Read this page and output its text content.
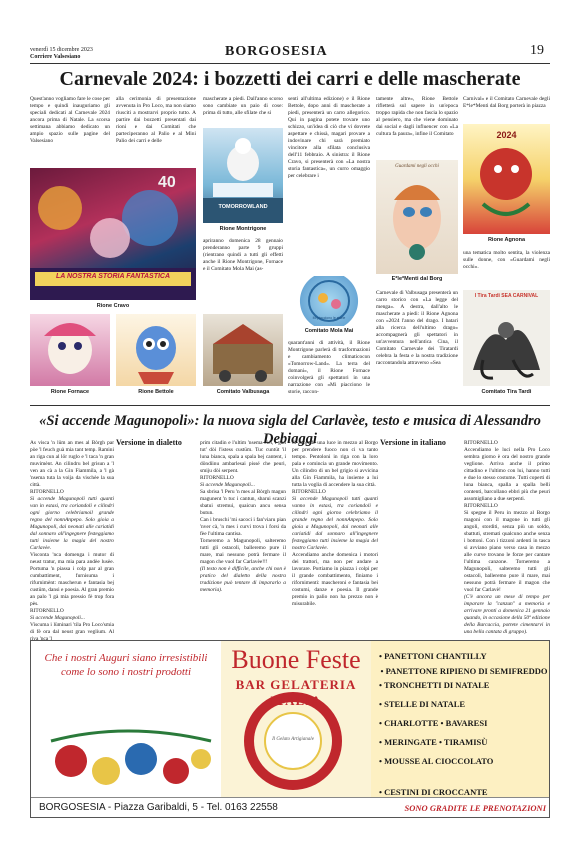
venerdì 15 dicembre 2023
Corriere Valsesiano	BORGOSESIA	19
Carnevale 2024: i bozzetti dei carri e delle mascherate
Quest'anno vogliamo fare le cose per tempo e quindi inauguriamo gli speciali dedicati al Carnevale 2024 ancora prima di Natale. La scorsa settimana abbiamo dedicato un ampio spazio sulle pagine del Valsesiano
alla cerimonia di presentazione avvenuta in Pro Loco, ma non siamo riusciti a mostrarvi proprio tutto. A partire dai bozzetti presentati dai rioni e dai Comitati che parteciperanno al Palio e al Mini Palio dei carri e delle
mascherate a piedi. Dall'anno scorso sono cambiate un paio di cose: prima di tutto, alle sfilate che si
senti all'ultima edizione) e il Rione Bettole, dopo anni di mascherate a piedi, presenterà un carro allegorico. Qui in pagina potete trovare uno schizzo, un'idea di ciò che vi dovrete aspettare e chissà, magari provare a indovinare chi sarà premiato vincitore alla sfilata conclusiva dell'11 febbraio. A sinistra: il Rione Cravo, si presenterà con «La nostra storia fantastica», un curro omaggio per celebrare i
tamente altre», Rione Bettole rifletterà sul sapere in un'epoca troppo rapida che non fascia lo spazio al pensiero, ma che viene dominato dai social e dagli influencer con «La cultura fa paura», infine il Comitato
Carnival» e il Comitato Carnevale degli E*le*Menti dal Borg porterà in piazza
LA NOSTRA STORIA FANTASTICA
40
Rione Cravo
TOMORROWLAND
Rione Montrigone
apriranno domenica 28 gennaio prenderanno parte 9 gruppi (rientrano quindi a tutti gli effetti anche il Rione Montrigone, Fornace e il Comitato Mola Mai (as-
Mi piacciono le storie
Comitato Mola Mai
quarant'anni di attività, il Rione Montrigone parlerà di trasformazioni e cambiamento climaticocon «Tomorrow-Land». La terra del domani», il Rione Fornace coinvolgerà gli spettatori in una narrazione con «Mi piacciono le storie, raccon-
Guardami negli occhi
E*le*Menti dal Borg
Carnevale di Valbusaga presenterà un carro storico con «La legge del menga». A destra, dall'alto le mascherate a piedi: il Rione Agnona con «2024 l'anno del drago. I batari alla ricerca dell'ultimo drago» accompagnerà gli spettatori in un'avventura nell'antica Cina, il Comitato Carnevale dei Tiratardi celebra la festa e la nostra tradizione raccontandola attraverso «Sea
2024
Rione Agnona
una tematica molto sentita, la violenza sulle donne, con «Guardami negli occhi».
I Tira Tardi SEA CARNIVAL
Comitato Tira Tardi
Rione Fornace	Rione Bettole	Comitato Valbusaga
«Si accende Magunopoli»: la nuova sigla del Carlavèe, testo e musica di Alessandro Debiaggi

As visca 'n lüm an mes al Bòrgh par pòe 'l feuch guà mia tant temp. Ramini an riga cun al lör ruglo e 'l taca 'n gran muvimènt. An cilindru bel grisun a 'l ven an cà a la Gin Fiammila, a 'l gà 'nsema tuta la voija da vischèe la sua città.

RITORNELLO

Si accende Magunopoli tutti quanti van in estasi, tra coriandoli e cilindri ogni giorno celebriamoil grande regno del nonnAnpepo. Solo gioia a Magunopoli, dai neonati alle cariatidi dal sonnaro all'ingegnere festeggiamo tutti insieme la magia del nostro Carlavèe.

Visconta 'nca domenga i mutor di neust tratur, ma mia para andèe lusèe. Portuma 'n piassa i colp par al gran cumbattiment, furnisuma i rifurnimènt: mascherun e fantasia bej custüm, dansi e poesia. Al gran premio an palo 'l gà mia pressio fè trop fora pès.

RITORNELLO

Si accende Magunopoli...

Viscuma i lüminari 'tila Pro Loco'smia di fè ora dal neust gran veglium. Al riva 'nca 'l

Versione in dialetto	prim citadin e l'ultim 'nsema ciél, i gan tut' dòi l'istess custüm. Tuc cuntüt 'il luna bianca, spala a spala bej cantent, i döndiinu ambarlesai pissé che peuri, smiju dòi serpent.

RITORNELLO

Si accende Magunopoli...

Sa sbrisa 'l Peru 'n mes al Bòrgh magun magunent 'n tuc i cantun, sbarui scanzi sbatui stremui, quaicun ancu sensa butun.

Can i bruschi 'mi sacoci i fan'viaru pian 'nver cà, 'n mes i curvi trova i forsi da fèe l'ultima cantisa.

Torneremo a Magunopoli, salteremo tutti gli ostacoli, balleremo pure il mare, mai nessuno potrà fermare il magon che vuol far Carlavèe!!!

(Il testo non è difficile, anche chi non è pratico del dialetto della nostra tradizione può tentare di impararlo a memoria).

Si accende una luce in mezzo al Borgo per prendere fuoco non ci va tanto tempo. Pentoloni in riga con la loro pala e comincia un grande movimento. Un cilindro di un bel grigio si avvicina alla Gin Fiammila, ha insieme a lui tutta la voglia di accendere la sua città.

RITORNELLO

Si accende Magunopoli tutti quanti vanno in estasi, tra coriandoli e cilindri ogni giorno celebriamo il grande regno del nonnAnpepo. Solo gioia a Magunopoli, dai neonati alle cariatidi dal sonnaro all'ingegnere festeggiamo tutti insieme la magia del nostro Carlavèe.

Accendiamo anche domenica i motori dei trattori, ma non per andare a lavorare. Portiamo in piazza i colpi per il grande combattimento, finiamo i rifornimenti: mascheroni e fantasia bei costumi, danze e poesia. Il grande premio in palio non ha prezzo non è misurabile.

Versione in italiano	RITORNELLO

Accendiamo le luci nella Pro Loco sembra giorno è ora del nostro grande veglione. Arriva anche il primo cittadino e l'ultimo con lui, hanno tutti e due lo stesso costume. Tutti coperti di luna bianca, spalla a spalla belli contenti, barcollano ebbri più che peuri assomigliano a due serpenti.

RITORNELLO

Si spegne il Peru in mezzo al Borgo magoni con il magone in tutti gli angoli, storditi, senza più un soldo, sbattuti, stremati qualcuno anche senza i bottoni. Con i tizzoni ardenti in tasca si avviano piano verso casa in mezzo alle curve trovano le forze per cantare l'ultima canzone. Torneremo a Magunopoli, salteremo tutti gli ostacoli, balleremo pure il mare, mai nessuno potrà fermare il magon che vuol far Carlavè!

(C'è ancora un mese di tempo per imparare la "canzun" a memoria e arrivare pronti a domenica 21 gennaio quando, in occasione della 50ª edizione della Barcaccia, potrete cimentarvi in una bella cantata di gruppo).

Che i nostri Auguri siano irresistibili come lo sono i nostri prodotti	Buone Feste
BAR GELATERIA ITALIA
Il Gelato Artigianale
• PANETTONI CHANTILLY
• PANETTONE RIPIENO DI SEMIFREDDO
• TRONCHETTI DI NATALE
• STELLE DI NATALE
• CHARLOTTE • BAVARESI
• MERINGATE • TIRAMISÙ
• MOUSSE AL CIOCCOLATO
• CESTINI DI CROCCANTE
BORGOSESIA - Piazza Garibaldi, 5 - Tel. 0163 22558	SONO GRADITE LE PRENOTAZIONI
